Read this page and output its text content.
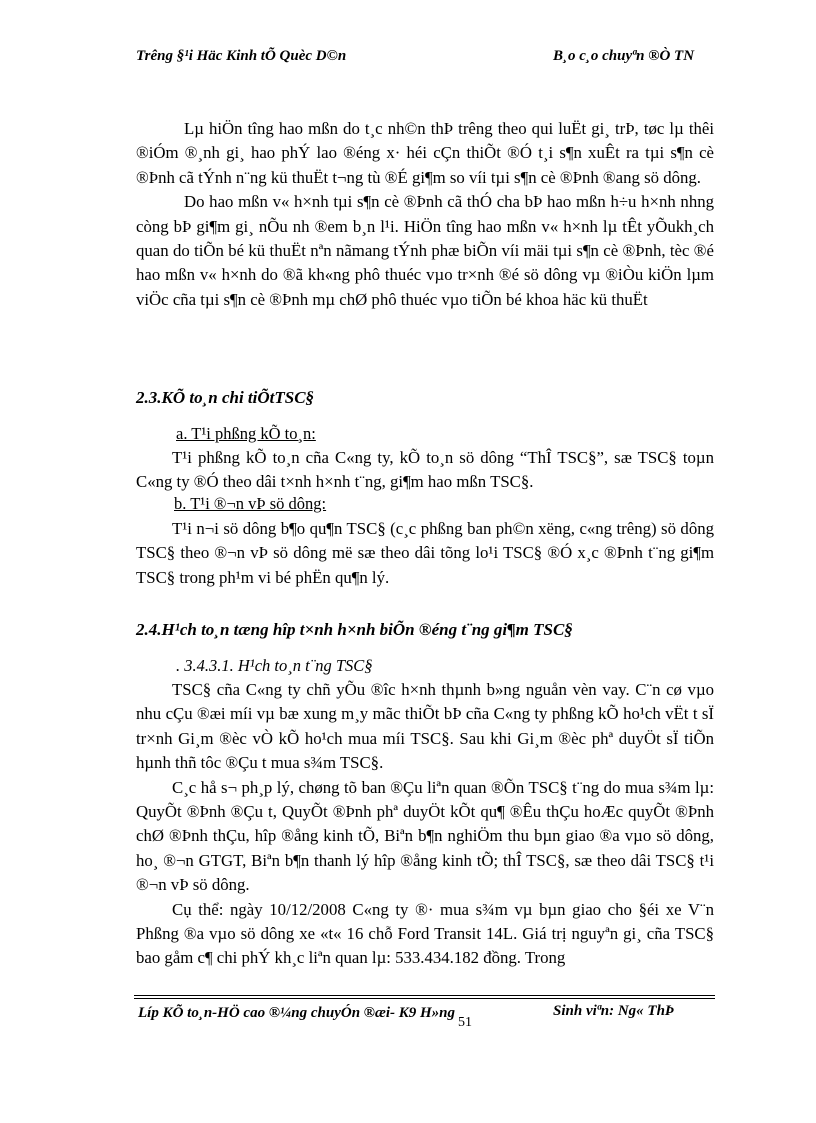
Trêng §¹i Häc Kinh tÕ Quèc D©n	B¸o c¸o chuyªn ®Ò TN

Lµ hiÖn tîng hao mßn do t¸c nh©n thÞ trêng theo qui luËt gi¸ trÞ, tøc lµ thêi ®iÓm ®¸nh gi¸ hao phÝ lao ®éng x· héi cÇn thiÕt ®Ó t¸i s¶n xuÊt ra tµi s¶n cè ®Þnh cã tÝnh n¨ng kü thuËt t¬ng tù ®É gi¶m so víi tµi s¶n cè ®Þnh ®ang sö dông.

Do hao mßn v« h×nh tµi s¶n cè ®Þnh cã thÓ cha bÞ hao mßn h÷u h×nh nhng còng bÞ gi¶m gi¸ nÕu nh ®em b¸n l¹i. HiÖn tîng hao mßn v« h×nh lµ tÊt yÕukh¸ch quan do tiÕn bé kü thuËt nªn nãmang tÝnh phæ biÕn víi mäi tµi s¶n cè ®Þnh, tèc ®é hao mßn v« h×nh do ®ã kh«ng phô thuéc vµo tr×nh ®é sö dông vµ ®iÒu kiÖn lµm viÖc cña tµi s¶n cè ®Þnh mµ chØ phô thuéc vµo tiÕn bé khoa häc kü thuËt

2.3.KÕ to¸n chi tiÕtTSC§
a. T¹i phßng kÕ to¸n:

T¹i phßng kÕ to¸n cña C«ng ty, kÕ to¸n sö dông “ThÎ TSC§”, sæ TSC§ toµn C«ng ty ®Ó theo dâi t×nh h×nh t¨ng, gi¶m hao mßn TSC§.

b. T¹i ®¬n vÞ sö dông:

T¹i n¬i sö dông b¶o qu¶n TSC§ (c¸c phßng ban ph©n xëng, c«ng trêng) sö dông TSC§ theo ®¬n vÞ sö dông më sæ theo dâi tõng lo¹i TSC§ ®Ó x¸c ®Þnh t¨ng gi¶m TSC§ trong ph¹m vi bé phËn qu¶n lý.

2.4.H¹ch to¸n tæng hîp t×nh h×nh biÕn ®éng t¨ng gi¶m TSC§
. 3.4.3.1. H¹ch to¸n t¨ng TSC§

TSC§ cña C«ng ty chñ yÕu ®îc h×nh thµnh b»ng nguån vèn vay. C¨n cø vµo nhu cÇu ®æi míi vµ bæ xung m¸y mãc thiÕt bÞ cña C«ng ty phßng kÕ ho¹ch vËt t sÏ tr×nh Gi¸m ®èc vÒ kÕ ho¹ch mua míi TSC§. Sau khi Gi¸m ®èc phª duyÖt sÏ tiÕn hµnh thñ tôc ®Çu t mua s¾m TSC§.

C¸c hå s¬ ph¸p lý, chøng tõ ban ®Çu liªn quan ®Õn TSC§ t¨ng do mua s¾m lµ: QuyÕt ®Þnh ®Çu t, QuyÕt ®Þnh phª duyÖt kÕt qu¶ ®Êu thÇu hoÆc quyÕt ®Þnh chØ ®Þnh thÇu, hîp ®ång kinh tÕ, Biªn b¶n nghiÖm thu bµn giao ®a vµo sö dông, ho¸ ®¬n GTGT, Biªn b¶n thanh lý hîp ®ång kinh tÕ; thÎ TSC§, sæ theo dâi TSC§ t¹i ®¬n vÞ sö dông.

Cụ thể: ngày 10/12/2008 C«ng ty ®· mua s¾m vµ bµn giao cho §éi xe V¨n Phßng ®a vµo sö dông xe «t« 16 chỗ Ford Transit 14L. Giá trị nguyªn gi¸ cña TSC§ bao gåm c¶ chi phÝ kh¸c liªn quan lµ: 533.434.182 đồng. Trong

Líp KÕ to¸n-HÖ cao ®¼ng chuyÓn ®æi- K9 H»ng
51
Sinh viªn: Ng« ThÞ
